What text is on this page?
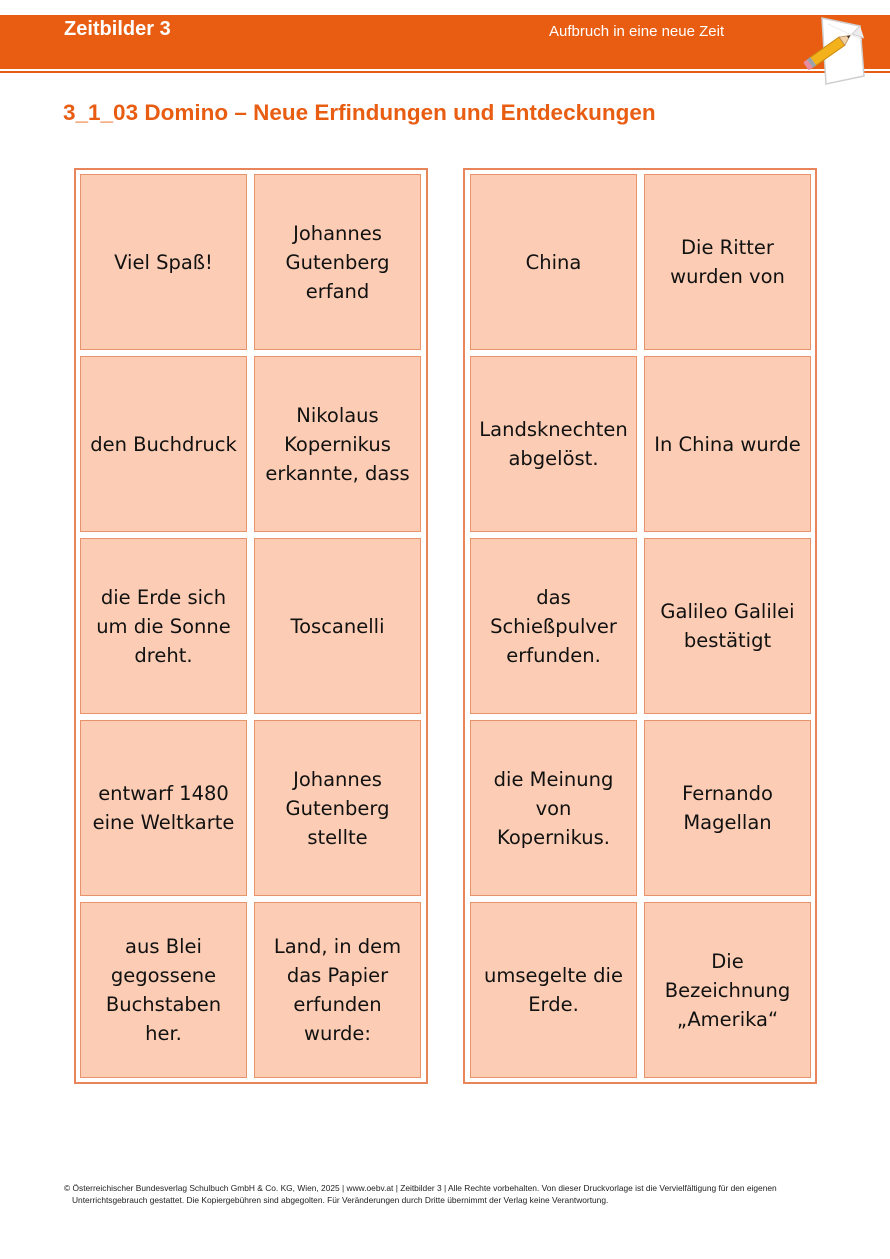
Zeitbilder 3	Aufbruch in eine neue Zeit
3_1_03 Domino – Neue Erfindungen und Entdeckungen
Viel Spaß!
Johannes Gutenberg erfand
den Buchdruck
Nikolaus Kopernikus erkannte, dass
die Erde sich um die Sonne dreht.
Toscanelli
entwarf 1480 eine Weltkarte
Johannes Gutenberg stellte
aus Blei gegossene Buchstaben her.
Land, in dem das Papier erfunden wurde:
China
Die Ritter wurden von
Landsknechten abgelöst.
In China wurde
das Schießpulver erfunden.
Galileo Galilei bestätigt
die Meinung von Kopernikus.
Fernando Magellan
umsegelte die Erde.
Die Bezeichnung „Amerika“
© Österreichischer Bundesverlag Schulbuch GmbH & Co. KG, Wien, 2025 | www.oebv.at | Zeitbilder 3 | Alle Rechte vorbehalten. Von dieser Druckvorlage ist die Vervielfältigung für den eigenen
Unterrichtsgebrauch gestattet. Die Kopiergebühren sind abgegolten. Für Veränderungen durch Dritte übernimmt der Verlag keine Verantwortung.
